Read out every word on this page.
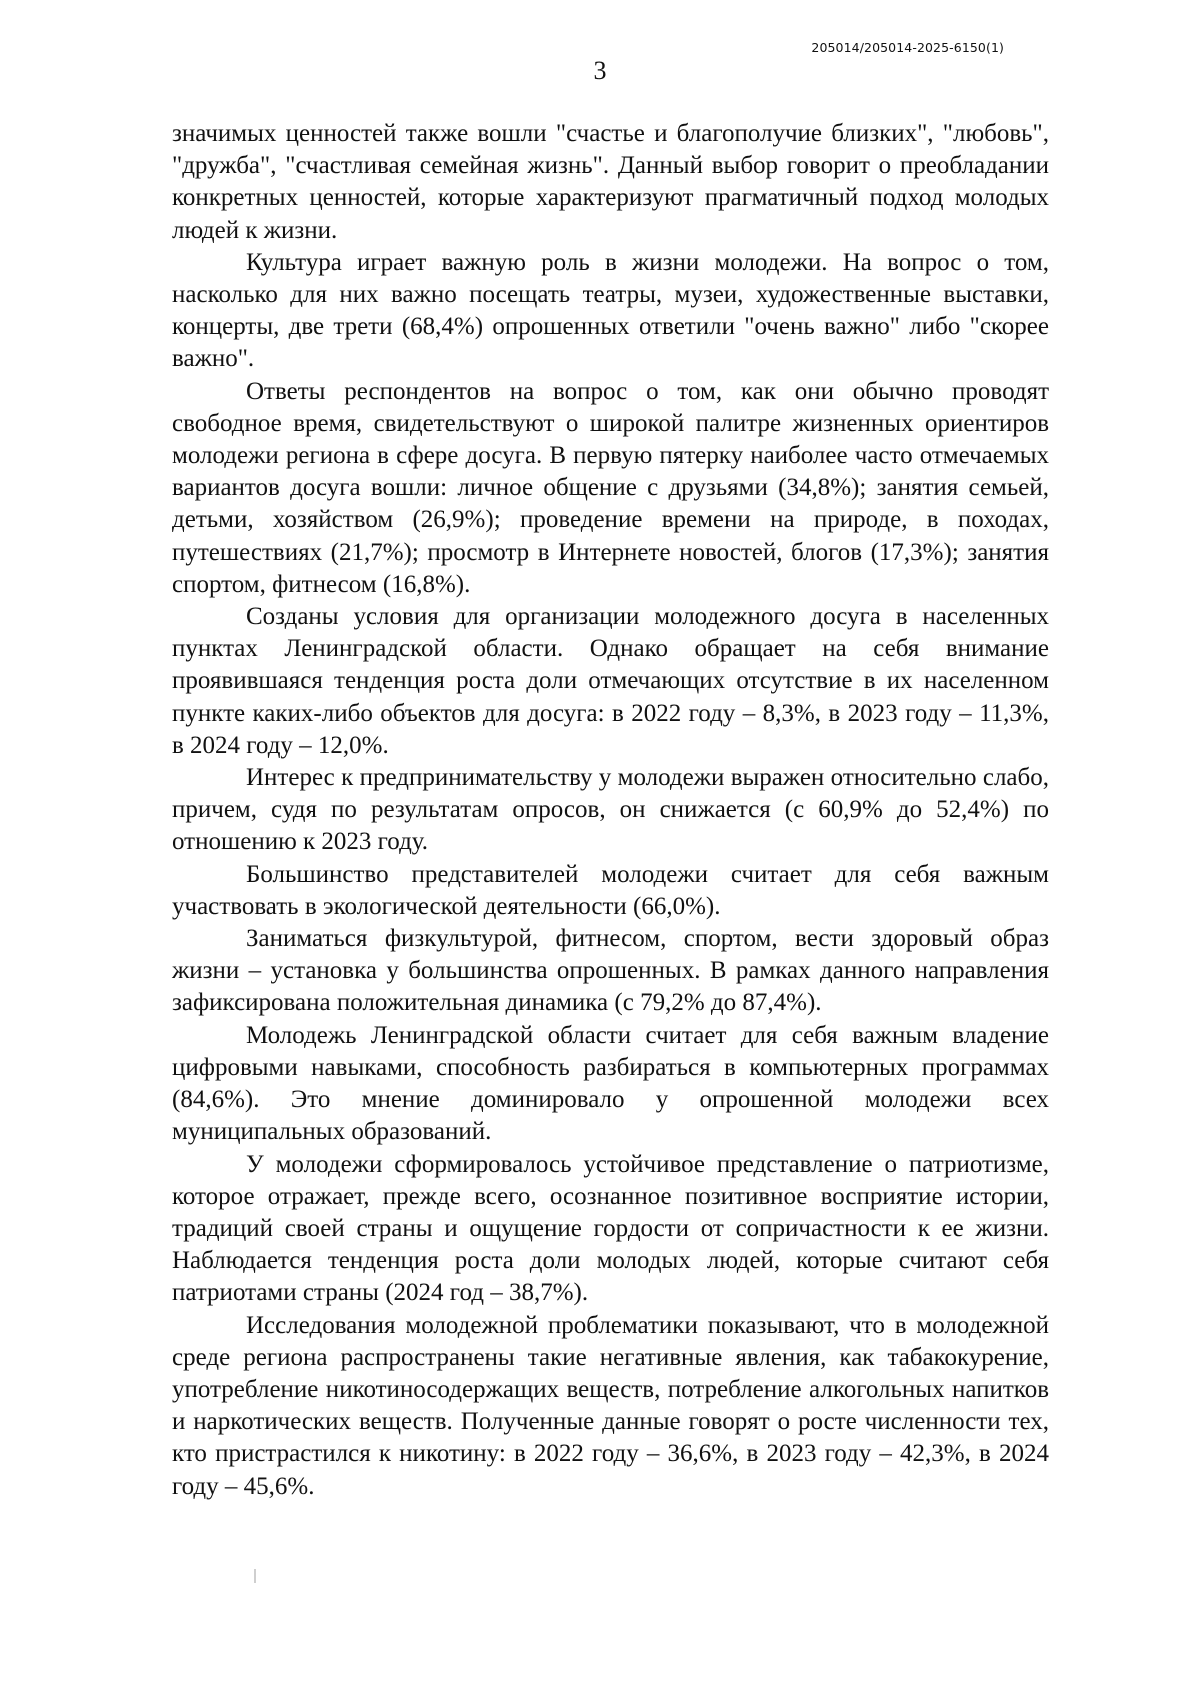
205014/205014-2025-6150(1)
3

значимых ценностей также вошли "счастье и благополучие близких", "любовь", "дружба", "счастливая семейная жизнь". Данный выбор говорит о преобладании конкретных ценностей, которые характеризуют прагматичный подход молодых людей к жизни.

Культура играет важную роль в жизни молодежи. На вопрос о том, насколько для них важно посещать театры, музеи, художественные выставки, концерты, две трети (68,4%) опрошенных ответили "очень важно" либо "скорее важно".

Ответы респондентов на вопрос о том, как они обычно проводят свободное время, свидетельствуют о широкой палитре жизненных ориентиров молодежи региона в сфере досуга. В первую пятерку наиболее часто отмечаемых вариантов досуга вошли: личное общение с друзьями (34,8%); занятия семьей, детьми, хозяйством (26,9%); проведение времени на природе, в походах, путешествиях (21,7%); просмотр в Интернете новостей, блогов (17,3%); занятия спортом, фитнесом (16,8%).

Созданы условия для организации молодежного досуга в населенных пунктах Ленинградской области. Однако обращает на себя внимание проявившаяся тенденция роста доли отмечающих отсутствие в их населенном пункте каких-либо объектов для досуга: в 2022 году – 8,3%, в 2023 году – 11,3%, в 2024 году – 12,0%.

Интерес к предпринимательству у молодежи выражен относительно слабо, причем, судя по результатам опросов, он снижается (с 60,9% до 52,4%) по отношению к 2023 году.

Большинство представителей молодежи считает для себя важным участвовать в экологической деятельности (66,0%).

Заниматься физкультурой, фитнесом, спортом, вести здоровый образ жизни – установка у большинства опрошенных. В рамках данного направления зафиксирована положительная динамика (с 79,2% до 87,4%).

Молодежь Ленинградской области считает для себя важным владение цифровыми навыками, способность разбираться в компьютерных программах (84,6%). Это мнение доминировало у опрошенной молодежи всех муниципальных образований.

У молодежи сформировалось устойчивое представление о патриотизме, которое отражает, прежде всего, осознанное позитивное восприятие истории, традиций своей страны и ощущение гордости от сопричастности к ее жизни. Наблюдается тенденция роста доли молодых людей, которые считают себя патриотами страны (2024 год – 38,7%).

Исследования молодежной проблематики показывают, что в молодежной среде региона распространены такие негативные явления, как табакокурение, употребление никотиносодержащих веществ, потребление алкогольных напитков и наркотических веществ. Полученные данные говорят о росте численности тех, кто пристрастился к никотину: в 2022 году – 36,6%, в 2023 году – 42,3%, в 2024 году – 45,6%.
